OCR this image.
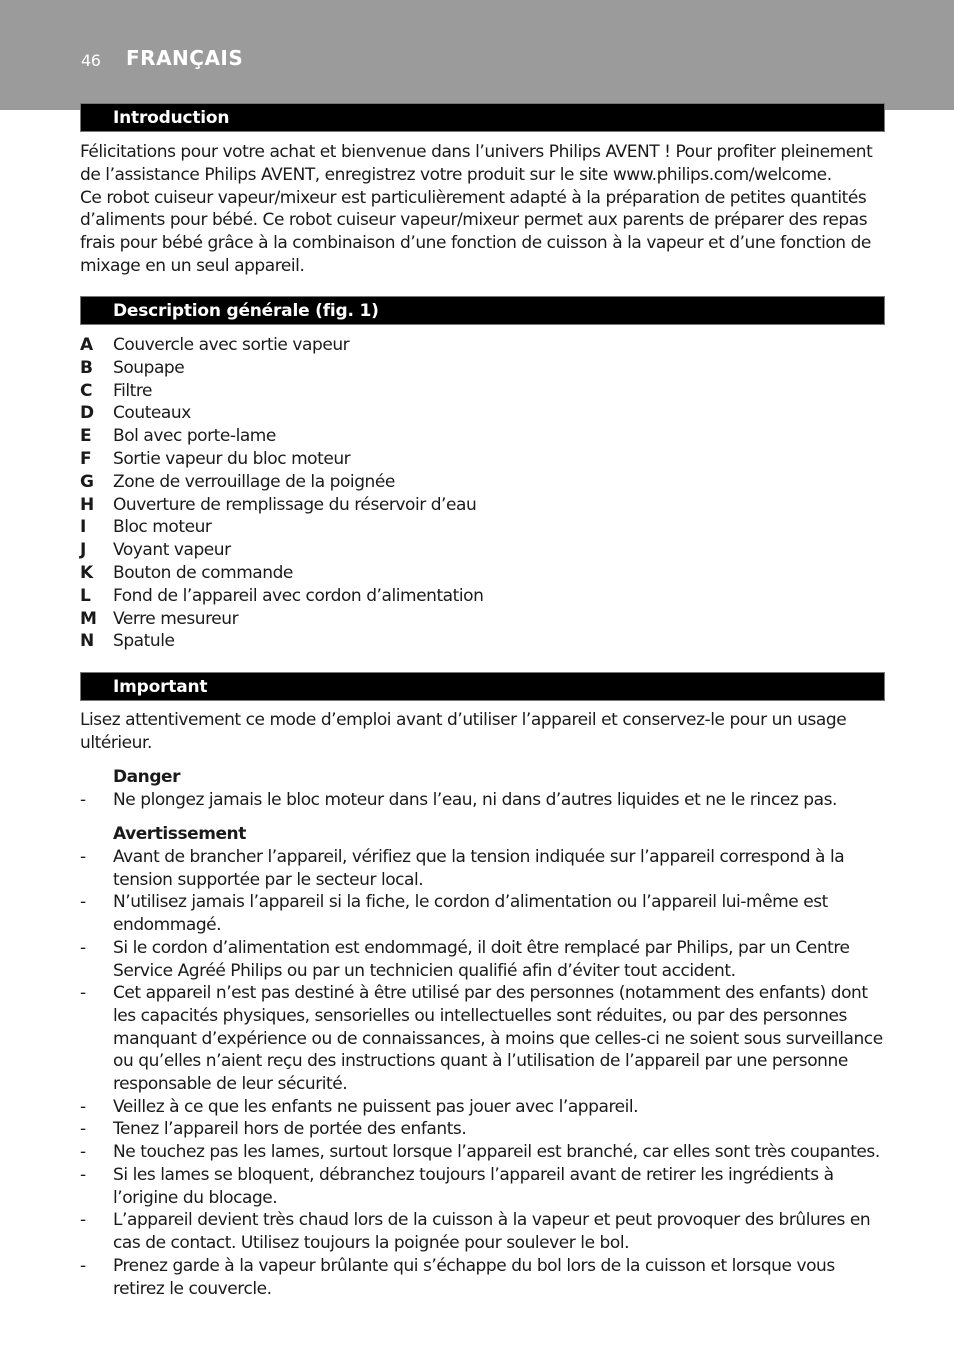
46 FRANÇAIS
Introduction

Félicitations pour votre achat et bienvenue dans l’univers Philips AVENT ! Pour profiter pleinement de l’assistance Philips AVENT, enregistrez votre produit sur le site www.philips.com/welcome.

Ce robot cuiseur vapeur/mixeur est particulièrement adapté à la préparation de petites quantités d’aliments pour bébé. Ce robot cuiseur vapeur/mixeur permet aux parents de préparer des repas frais pour bébé grâce à la combinaison d’une fonction de cuisson à la vapeur et d’une fonction de mixage en un seul appareil.

Description générale (fig. 1)
A Couvercle avec sortie vapeur
B Soupape
C Filtre
D Couteaux
E Bol avec porte-lame
F Sortie vapeur du bloc moteur
G Zone de verrouillage de la poignée
H Ouverture de remplissage du réservoir d’eau
I Bloc moteur
J Voyant vapeur
K Bouton de commande
L Fond de l’appareil avec cordon d’alimentation
M Verre mesureur
N Spatule
Important

Lisez attentivement ce mode d’emploi avant d’utiliser l’appareil et conservez-le pour un usage ultérieur.

Danger
- Ne plongez jamais le bloc moteur dans l’eau, ni dans d’autres liquides et ne le rincez pas.
Avertissement
- Avant de brancher l’appareil, vérifiez que la tension indiquée sur l’appareil correspond à la tension supportée par le secteur local.
- N’utilisez jamais l’appareil si la fiche, le cordon d’alimentation ou l’appareil lui-même est endommagé.
- Si le cordon d’alimentation est endommagé, il doit être remplacé par Philips, par un Centre Service Agréé Philips ou par un technicien qualifié afin d’éviter tout accident.
- Cet appareil n’est pas destiné à être utilisé par des personnes (notamment des enfants) dont les capacités physiques, sensorielles ou intellectuelles sont réduites, ou par des personnes manquant d’expérience ou de connaissances, à moins que celles-ci ne soient sous surveillance ou qu’elles n’aient reçu des instructions quant à l’utilisation de l’appareil par une personne responsable de leur sécurité.
- Veillez à ce que les enfants ne puissent pas jouer avec l’appareil.
- Tenez l’appareil hors de portée des enfants.
- Ne touchez pas les lames, surtout lorsque l’appareil est branché, car elles sont très coupantes.
- Si les lames se bloquent, débranchez toujours l’appareil avant de retirer les ingrédients à l’origine du blocage.
- L’appareil devient très chaud lors de la cuisson à la vapeur et peut provoquer des brûlures en cas de contact. Utilisez toujours la poignée pour soulever le bol.
- Prenez garde à la vapeur brûlante qui s’échappe du bol lors de la cuisson et lorsque vous retirez le couvercle.
